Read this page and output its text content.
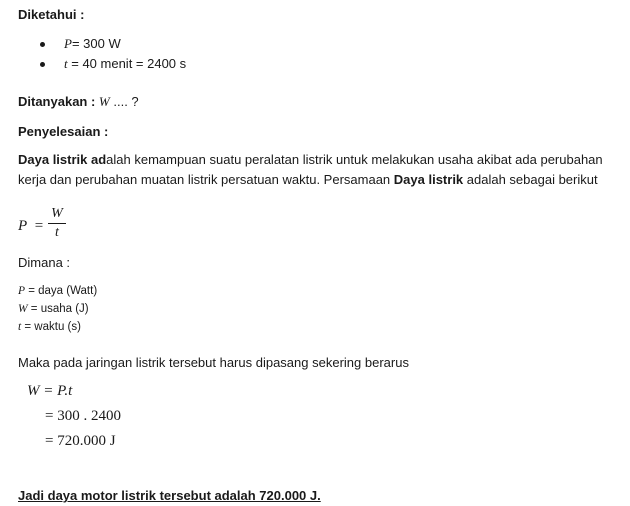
Diketahui :
P= 300 W
t = 40 menit = 2400 s
Ditanyakan : W .... ?
Penyelesaian :
Daya listrik adalah kemampuan suatu peralatan listrik untuk melakukan usaha akibat ada perubahan
kerja dan perubahan muatan listrik persatuan waktu. Persamaan Daya listrik adalah sebagai berikut
P =
W
t
Dimana :
P = daya (Watt)
W = usaha (J)
t = waktu (s)
Maka pada jaringan listrik tersebut harus dipasang sekering berarus
W = P.t
= 300 . 2400
= 720.000 J
Jadi daya motor listrik tersebut adalah 720.000 J.
